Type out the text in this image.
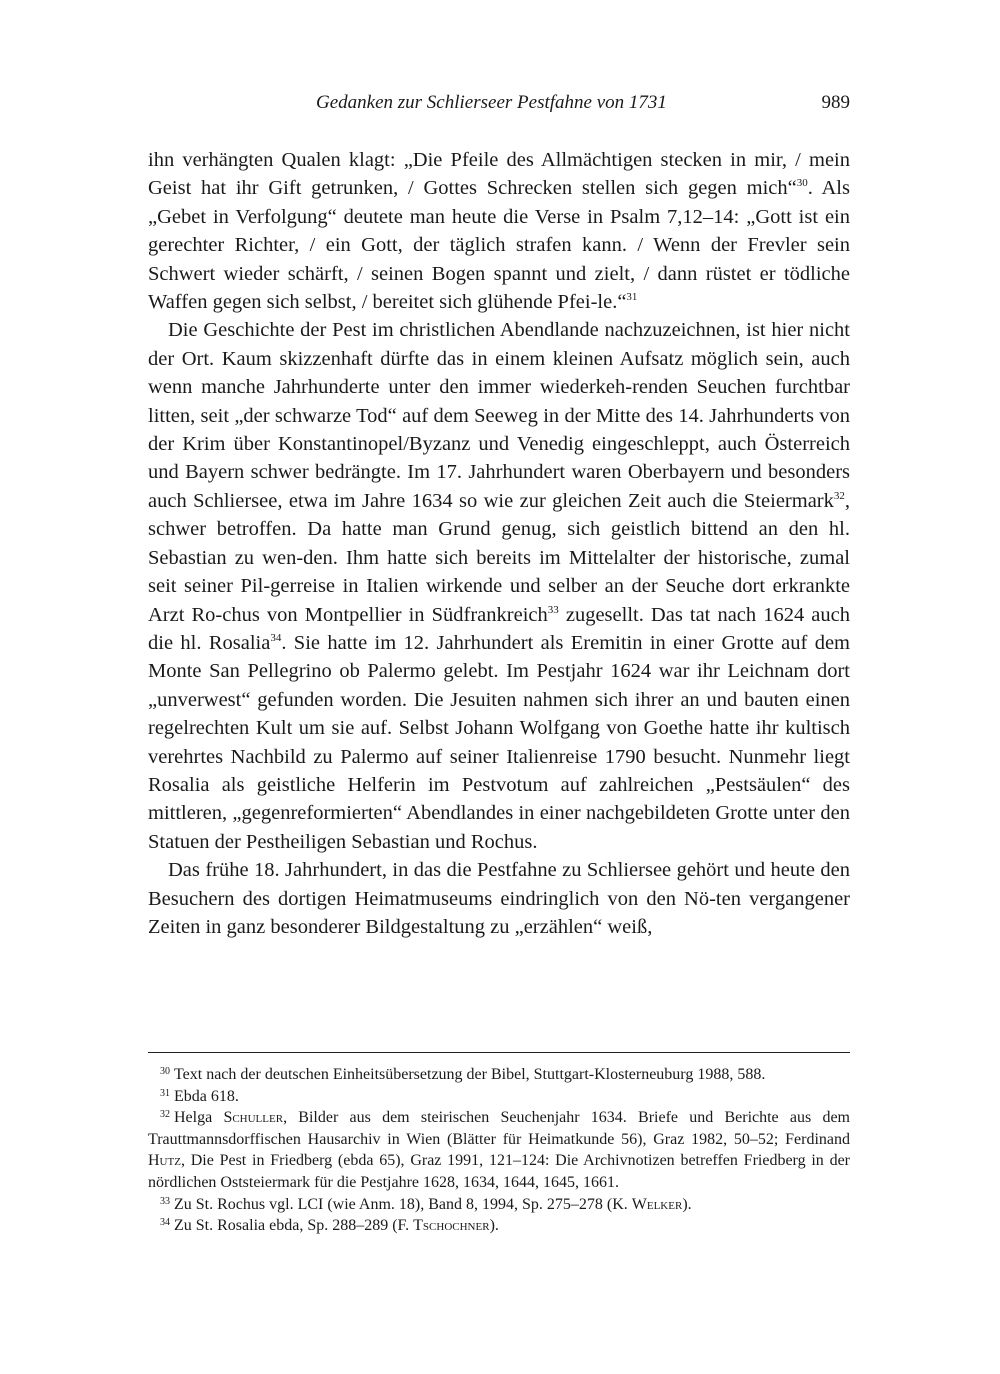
Gedanken zur Schlierseer Pestfahne von 1731	989

ihn verhängten Qualen klagt: „Die Pfeile des Allmächtigen stecken in mir, / mein Geist hat ihr Gift getrunken, / Gottes Schrecken stellen sich gegen mich“$^{30}$. Als „Gebet in Verfolgung“ deutete man heute die Verse in Psalm 7,12–14: „Gott ist ein gerechter Richter, / ein Gott, der täglich strafen kann. / Wenn der Frevler sein Schwert wieder schärft, / seinen Bogen spannt und zielt, / dann rüstet er tödliche Waffen gegen sich selbst, / bereitet sich glühende Pfei-le.“$^{31}$

Die Geschichte der Pest im christlichen Abendlande nachzuzeichnen, ist hier nicht der Ort. Kaum skizzenhaft dürfte das in einem kleinen Aufsatz möglich sein, auch wenn manche Jahrhunderte unter den immer wiederkeh-renden Seuchen furchtbar litten, seit „der schwarze Tod“ auf dem Seeweg in der Mitte des 14. Jahrhunderts von der Krim über Konstantinopel/Byzanz und Venedig eingeschleppt, auch Österreich und Bayern schwer bedrängte. Im 17. Jahrhundert waren Oberbayern und besonders auch Schliersee, etwa im Jahre 1634 so wie zur gleichen Zeit auch die Steiermark$^{32}$, schwer betroffen. Da hatte man Grund genug, sich geistlich bittend an den hl. Sebastian zu wen-den. Ihm hatte sich bereits im Mittelalter der historische, zumal seit seiner Pil-gerreise in Italien wirkende und selber an der Seuche dort erkrankte Arzt Ro-chus von Montpellier in Südfrankreich$^{33}$ zugesellt. Das tat nach 1624 auch die hl. Rosalia$^{34}$. Sie hatte im 12. Jahrhundert als Eremitin in einer Grotte auf dem Monte San Pellegrino ob Palermo gelebt. Im Pestjahr 1624 war ihr Leichnam dort „unverwest“ gefunden worden. Die Jesuiten nahmen sich ihrer an und bauten einen regelrechten Kult um sie auf. Selbst Johann Wolfgang von Goethe hatte ihr kultisch verehrtes Nachbild zu Palermo auf seiner Italienreise 1790 besucht. Nunmehr liegt Rosalia als geistliche Helferin im Pestvotum auf zahlreichen „Pestsäulen“ des mittleren, „gegenreformierten“ Abendlandes in einer nachgebildeten Grotte unter den Statuen der Pestheiligen Sebastian und Rochus.

Das frühe 18. Jahrhundert, in das die Pestfahne zu Schliersee gehört und heute den Besuchern des dortigen Heimatmuseums eindringlich von den Nö-ten vergangener Zeiten in ganz besonderer Bildgestaltung zu „erzählen“ weiß,

$^{30}$ Text nach der deutschen Einheitsübersetzung der Bibel, Stuttgart-Klosterneuburg 1988, 588.

$^{31}$ Ebda 618.

$^{32}$ Helga Schuller, Bilder aus dem steirischen Seuchenjahr 1634. Briefe und Berichte aus dem Trauttmannsdorffischen Hausarchiv in Wien (Blätter für Heimatkunde 56), Graz 1982, 50–52; Ferdinand Hutz, Die Pest in Friedberg (ebda 65), Graz 1991, 121–124: Die Archivnotizen betreffen Friedberg in der nördlichen Oststeiermark für die Pestjahre 1628, 1634, 1644, 1645, 1661.

$^{33}$ Zu St. Rochus vgl. LCI (wie Anm. 18), Band 8, 1994, Sp. 275–278 (K. Welker).

$^{34}$ Zu St. Rosalia ebda, Sp. 288–289 (F. Tschochner).
